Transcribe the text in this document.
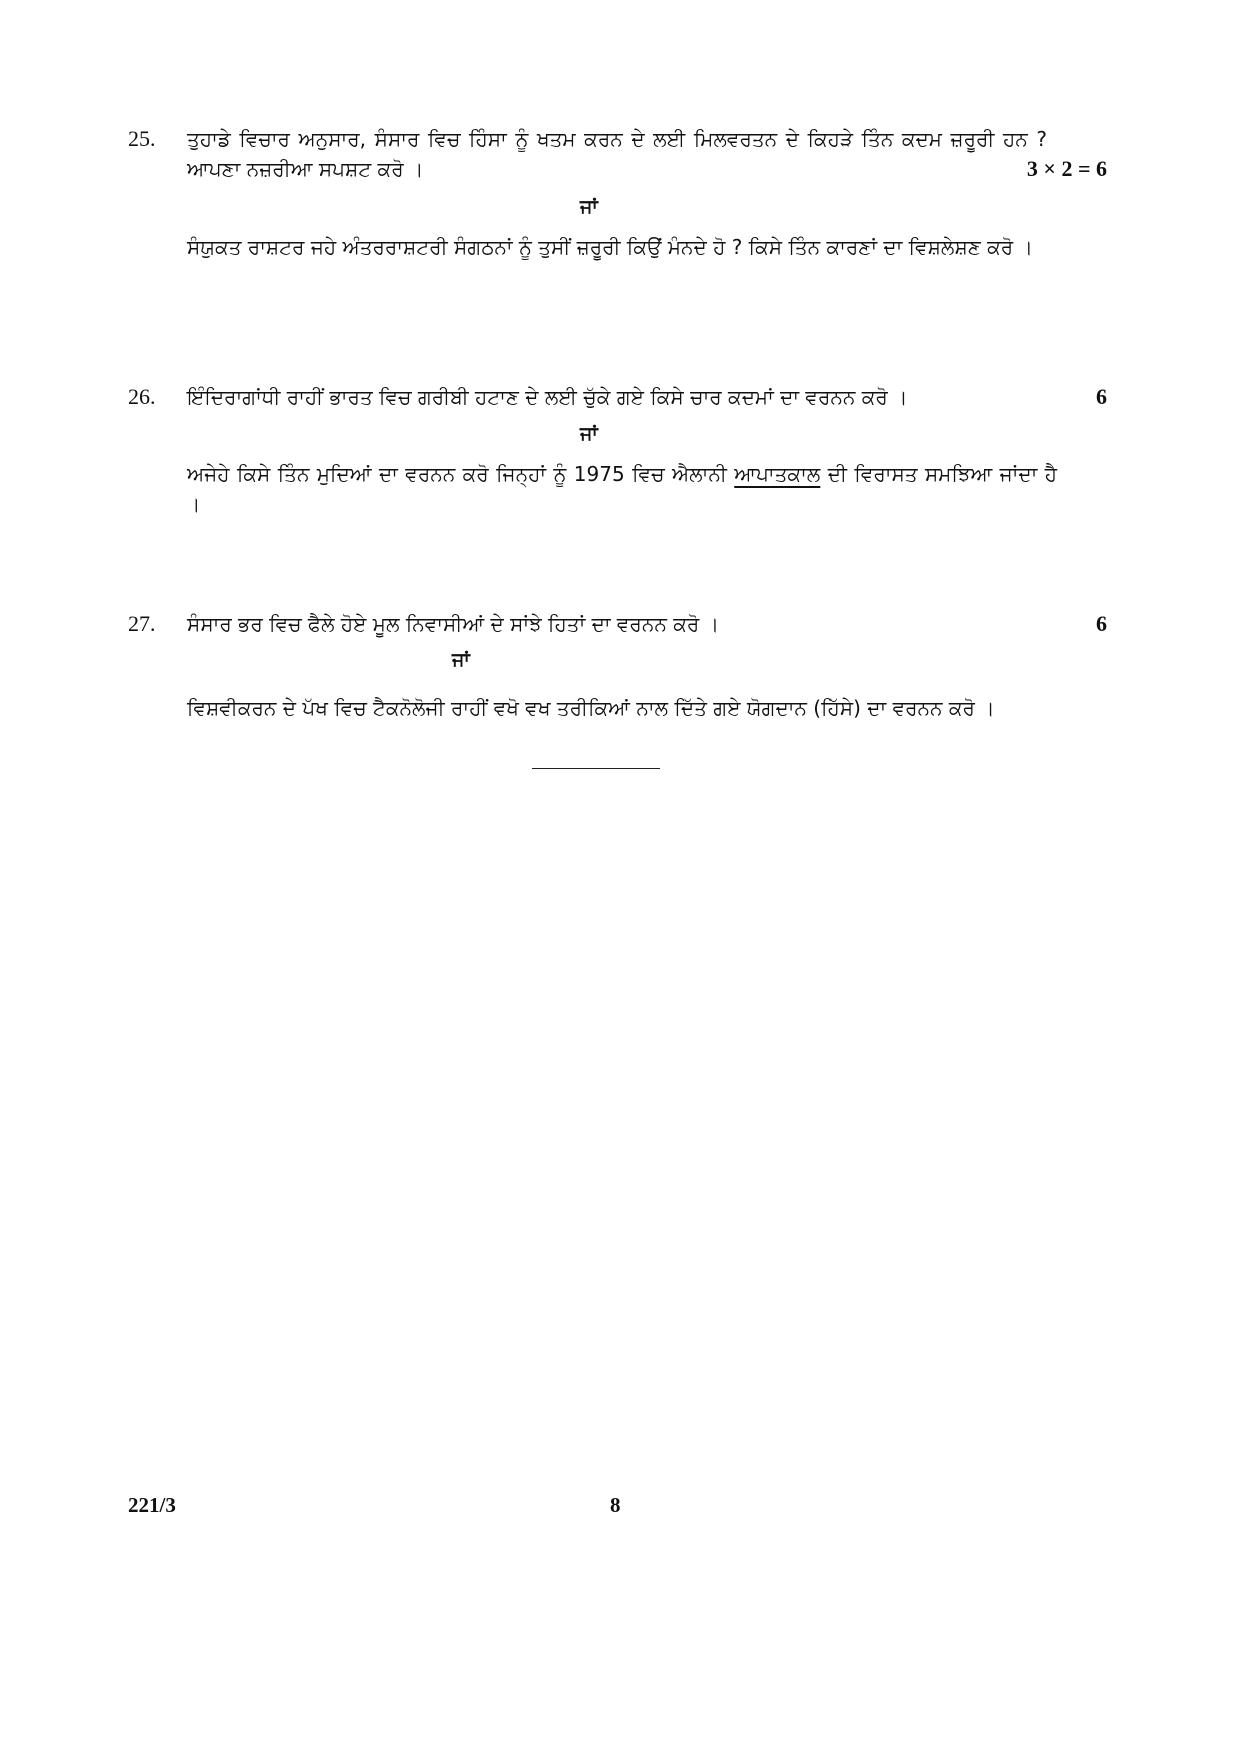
25. ਤੁਹਾਡੇ ਵਿਚਾਰ ਅਨੁਸਾਰ, ਸੰਸਾਰ ਵਿਚ ਹਿੰਸਾ ਨੂੰ ਖਤਮ ਕਰਨ ਦੇ ਲਈ ਮਿਲਵਰਤਨ ਦੇ ਕਿਹੜੇ ਤਿੰਨ ਕਦਮ ਜ਼ਰੂਰੀ ਹਨ ? ਆਪਣਾ ਨਜ਼ਰੀਆ ਸਪਸ਼ਟ ਕਰੋ ।	3 × 2 = 6
ਜਾਂ
ਸੰਯੁਕਤ ਰਾਸ਼ਟਰ ਜਹੇ ਅੰਤਰਰਾਸ਼ਟਰੀ ਸੰਗਠਨਾਂ ਨੂੰ ਤੁਸੀਂ ਜ਼ਰੂਰੀ ਕਿਉਂ ਮੰਨਦੇ ਹੋ ? ਕਿਸੇ ਤਿੰਨ ਕਾਰਣਾਂ ਦਾ ਵਿਸ਼ਲੇਸ਼ਣ ਕਰੋ ।
26. ਇੰਦਿਰਾਗਾਂਧੀ ਰਾਹੀਂ ਭਾਰਤ ਵਿਚ ਗਰੀਬੀ ਹਟਾਣ ਦੇ ਲਈ ਚੁੱਕੇ ਗਏ ਕਿਸੇ ਚਾਰ ਕਦਮਾਂ ਦਾ ਵਰਨਨ ਕਰੋ ।	6
ਜਾਂ
ਅਜੇਹੇ ਕਿਸੇ ਤਿੰਨ ਮੁਦਿਆਂ ਦਾ ਵਰਨਨ ਕਰੋ ਜਿਨ੍ਹਾਂ ਨੂੰ 1975 ਵਿਚ ਐਲਾਨੀ ਆਪਾਤਕਾਲ ਦੀ ਵਿਰਾਸਤ ਸਮਝਿਆ ਜਾਂਦਾ ਹੈ ।
27. ਸੰਸਾਰ ਭਰ ਵਿਚ ਫੈਲੇ ਹੋਏ ਮੂਲ ਨਿਵਾਸੀਆਂ ਦੇ ਸਾਂਝੇ ਹਿਤਾਂ ਦਾ ਵਰਨਨ ਕਰੋ ।	6
ਜਾਂ
ਵਿਸ਼ਵੀਕਰਨ ਦੇ ਪੱਖ ਵਿਚ ਟੈਕਨੋਲੋਜੀ ਰਾਹੀਂ ਵਖੋ ਵਖ ਤਰੀਕਿਆਂ ਨਾਲ ਦਿੱਤੇ ਗਏ ਯੋਗਦਾਨ (ਹਿੱਸੇ) ਦਾ ਵਰਨਨ ਕਰੋ ।
221/3	8
